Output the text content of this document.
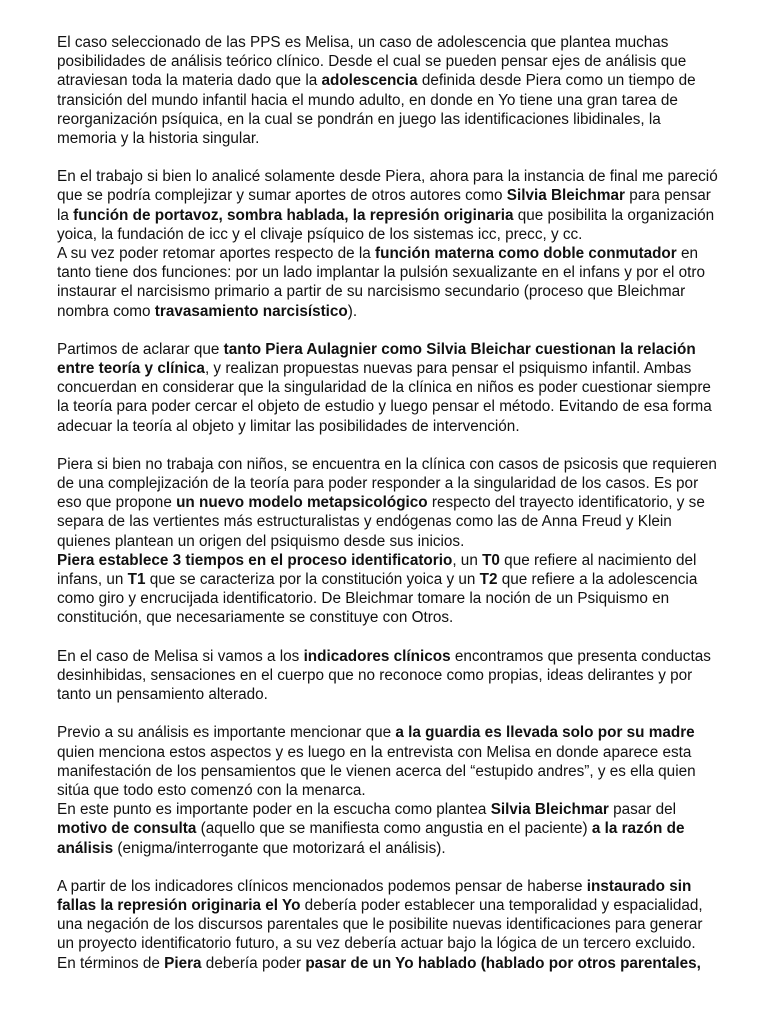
El caso seleccionado de las PPS es Melisa, un caso de adolescencia que plantea muchas posibilidades de análisis teórico clínico. Desde el cual se pueden pensar ejes de análisis que atraviesan toda la materia dado que la adolescencia definida desde Piera como un tiempo de transición del mundo infantil hacia el mundo adulto, en donde en Yo tiene una gran tarea de reorganización psíquica, en la cual se pondrán en juego las identificaciones libidinales, la memoria y la historia singular.

En el trabajo si bien lo analicé solamente desde Piera, ahora para la instancia de final me pareció que se podría complejizar y sumar aportes de otros autores como Silvia Bleichmar para pensar la función de portavoz, sombra hablada, la represión originaria que posibilita la organización yoica, la fundación de icc y el clivaje psíquico de los sistemas icc, precc, y cc.

A su vez poder retomar aportes respecto de la función materna como doble conmutador en tanto tiene dos funciones: por un lado implantar la pulsión sexualizante en el infans y por el otro instaurar el narcisismo primario a partir de su narcisismo secundario (proceso que Bleichmar nombra como travasamiento narcisístico).

Partimos de aclarar que tanto Piera Aulagnier como Silvia Bleichar cuestionan la relación entre teoría y clínica, y realizan propuestas nuevas para pensar el psiquismo infantil. Ambas concuerdan en considerar que la singularidad de la clínica en niños es poder cuestionar siempre la teoría para poder cercar el objeto de estudio y luego pensar el método. Evitando de esa forma adecuar la teoría al objeto y limitar las posibilidades de intervención.

Piera si bien no trabaja con niños, se encuentra en la clínica con casos de psicosis que requieren de una complejización de la teoría para poder responder a la singularidad de los casos. Es por eso que propone un nuevo modelo metapsicológico respecto del trayecto identificatorio, y se separa de las vertientes más estructuralistas y endógenas como las de Anna Freud y Klein quienes plantean un origen del psiquismo desde sus inicios.

Piera establece 3 tiempos en el proceso identificatorio, un T0 que refiere al nacimiento del infans, un T1 que se caracteriza por la constitución yoica y un T2 que refiere a la adolescencia como giro y encrucijada identificatorio. De Bleichmar tomare la noción de un Psiquismo en constitución, que necesariamente se constituye con Otros.

En el caso de Melisa si vamos a los indicadores clínicos encontramos que presenta conductas desinhibidas, sensaciones en el cuerpo que no reconoce como propias, ideas delirantes y por tanto un pensamiento alterado.

Previo a su análisis es importante mencionar que a la guardia es llevada solo por su madre quien menciona estos aspectos y es luego en la entrevista con Melisa en donde aparece esta manifestación de los pensamientos que le vienen acerca del “estupido andres”, y es ella quien sitúa que todo esto comenzó con la menarca.

En este punto es importante poder en la escucha como plantea Silvia Bleichmar pasar del motivo de consulta (aquello que se manifiesta como angustia en el paciente) a la razón de análisis (enigma/interrogante que motorizará el análisis).

A partir de los indicadores clínicos mencionados podemos pensar de haberse instaurado sin fallas la represión originaria el Yo debería poder establecer una temporalidad y espacialidad, una negación de los discursos parentales que le posibilite nuevas identificaciones para generar un proyecto identificatorio futuro, a su vez debería actuar bajo la lógica de un tercero excluido. En términos de Piera debería poder pasar de un Yo hablado (hablado por otros parentales,
